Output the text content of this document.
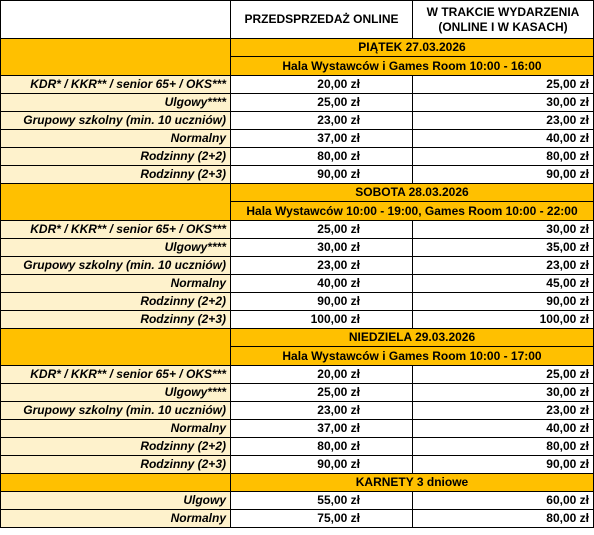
	PRZEDSPRZEDAŻ ONLINE	W TRAKCIE WYDARZENIA
(ONLINE I W KASACH)

	PIĄTEK 27.03.2026	
	Hala Wystawców i Games Room 10:00 - 16:00	
KDR* / KKR** / senior 65+ / OKS***	20,00 zł	25,00 zł
Ulgowy****	25,00 zł	30,00 zł
Grupowy szkolny (min. 10 uczniów)	23,00 zł	23,00 zł
Normalny	37,00 zł	40,00 zł
Rodzinny (2+2)	80,00 zł	80,00 zł
Rodzinny (2+3)	90,00 zł	90,00 zł
	SOBOTA 28.03.2026	
	Hala Wystawców 10:00 - 19:00, Games Room 10:00 - 22:00	
KDR* / KKR** / senior 65+ / OKS***	25,00 zł	30,00 zł
Ulgowy****	30,00 zł	35,00 zł
Grupowy szkolny (min. 10 uczniów)	23,00 zł	23,00 zł
Normalny	40,00 zł	45,00 zł
Rodzinny (2+2)	90,00 zł	90,00 zł
Rodzinny (2+3)	100,00 zł	100,00 zł
	NIEDZIELA 29.03.2026	
	Hala Wystawców i Games Room 10:00 - 17:00	
KDR* / KKR** / senior 65+ / OKS***	20,00 zł	25,00 zł
Ulgowy****	25,00 zł	30,00 zł
Grupowy szkolny (min. 10 uczniów)	23,00 zł	23,00 zł
Normalny	37,00 zł	40,00 zł
Rodzinny (2+2)	80,00 zł	80,00 zł
Rodzinny (2+3)	90,00 zł	90,00 zł
	KARNETY 3 dniowe	
Ulgowy	55,00 zł	60,00 zł
Normalny	75,00 zł	80,00 zł
